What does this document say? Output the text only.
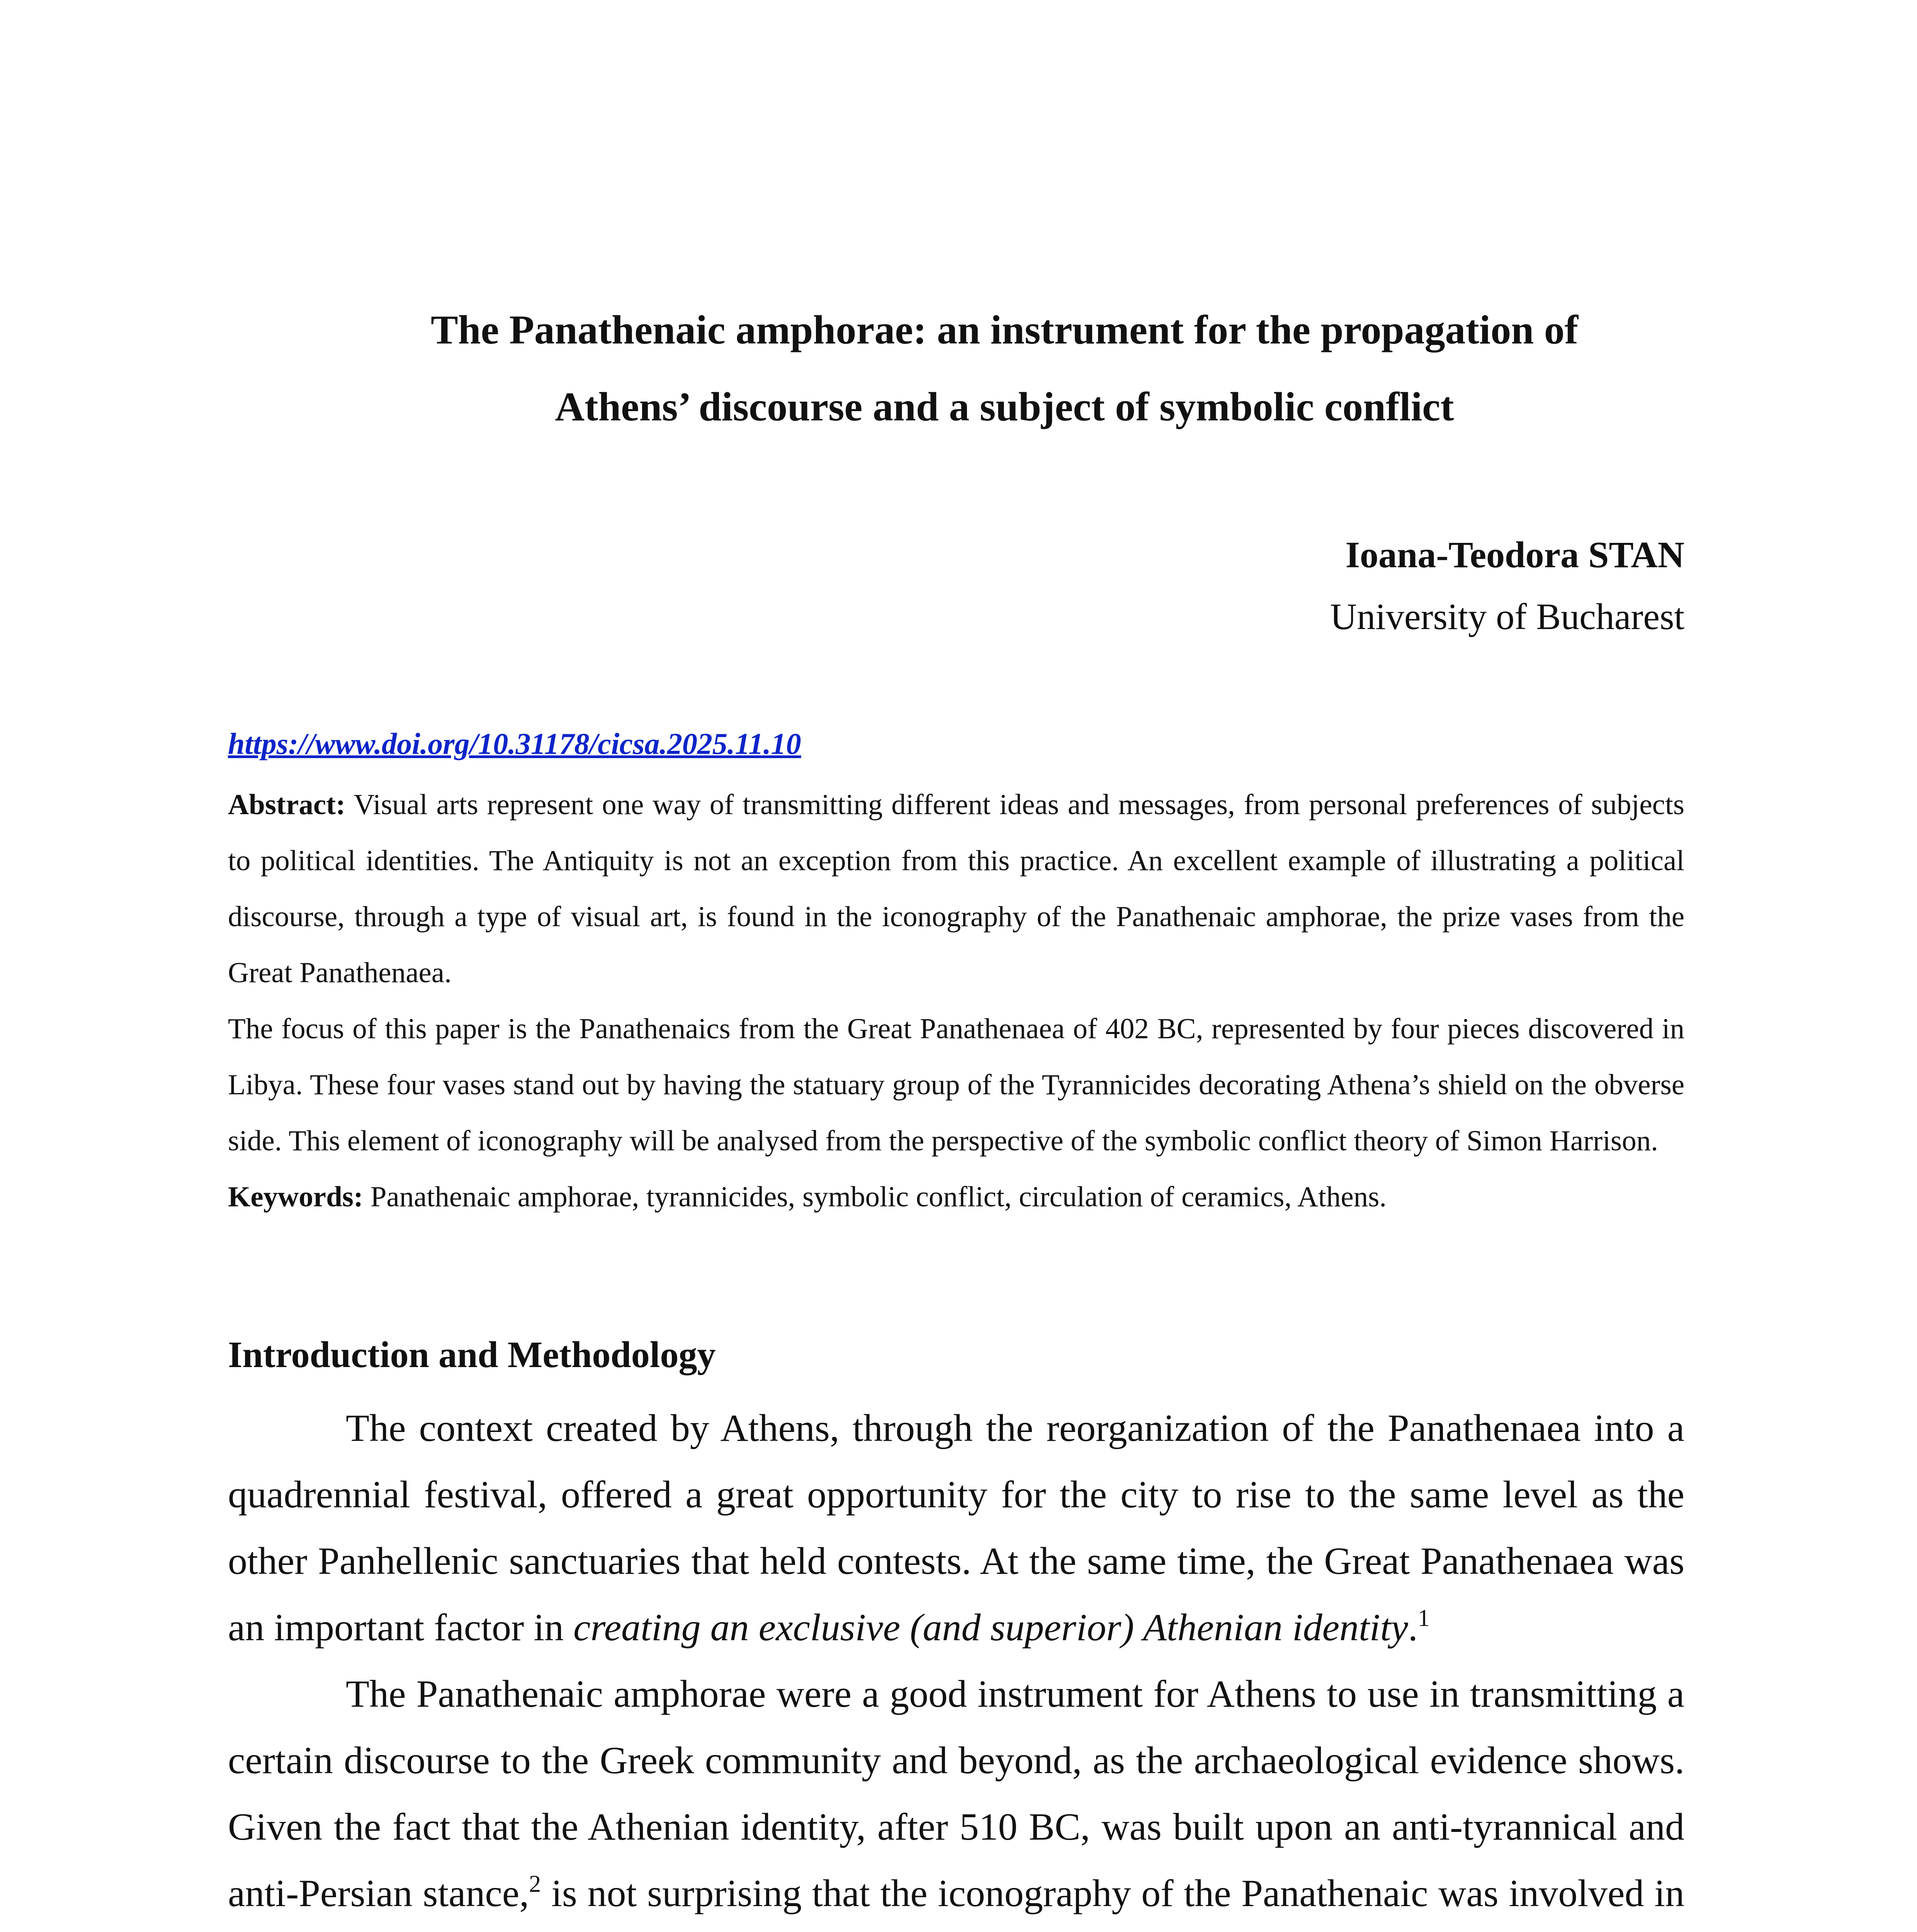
The Panathenaic amphorae: an instrument for the propagation of
Athens’ discourse and a subject of symbolic conflict
Ioana-Teodora STAN
University of Bucharest
https://www.doi.org/10.31178/cicsa.2025.11.10
Abstract: Visual arts represent one way of transmitting different ideas and messages, from personal preferences of subjects to political identities. The Antiquity is not an exception from this practice. An excellent example of illustrating a political discourse, through a type of visual art, is found in the iconography of the Panathenaic amphorae, the prize vases from the Great Panathenaea.
The focus of this paper is the Panathenaics from the Great Panathenaea of 402 BC, represented by four pieces discovered in Libya. These four vases stand out by having the statuary group of the Tyrannicides decorating Athena’s shield on the obverse side. This element of iconography will be analysed from the perspective of the symbolic conflict theory of Simon Harrison.
Keywords: Panathenaic amphorae, tyrannicides, symbolic conflict, circulation of ceramics, Athens.
Introduction and Methodology
The context created by Athens, through the reorganization of the Panathenaea into a quadrennial festival, offered a great opportunity for the city to rise to the same level as the other Panhellenic sanctuaries that held contests. At the same time, the Great Panathenaea was an important factor in creating an exclusive (and superior) Athenian identity.$^1$
The Panathenaic amphorae were a good instrument for Athens to use in transmitting a certain discourse to the Greek community and beyond, as the archaeological evidence shows. Given the fact that the Athenian identity, after 510 BC, was built upon an anti-tyrannical and anti-Persian stance,$^2$ is not surprising that the iconography of the Panathenaic was involved in
